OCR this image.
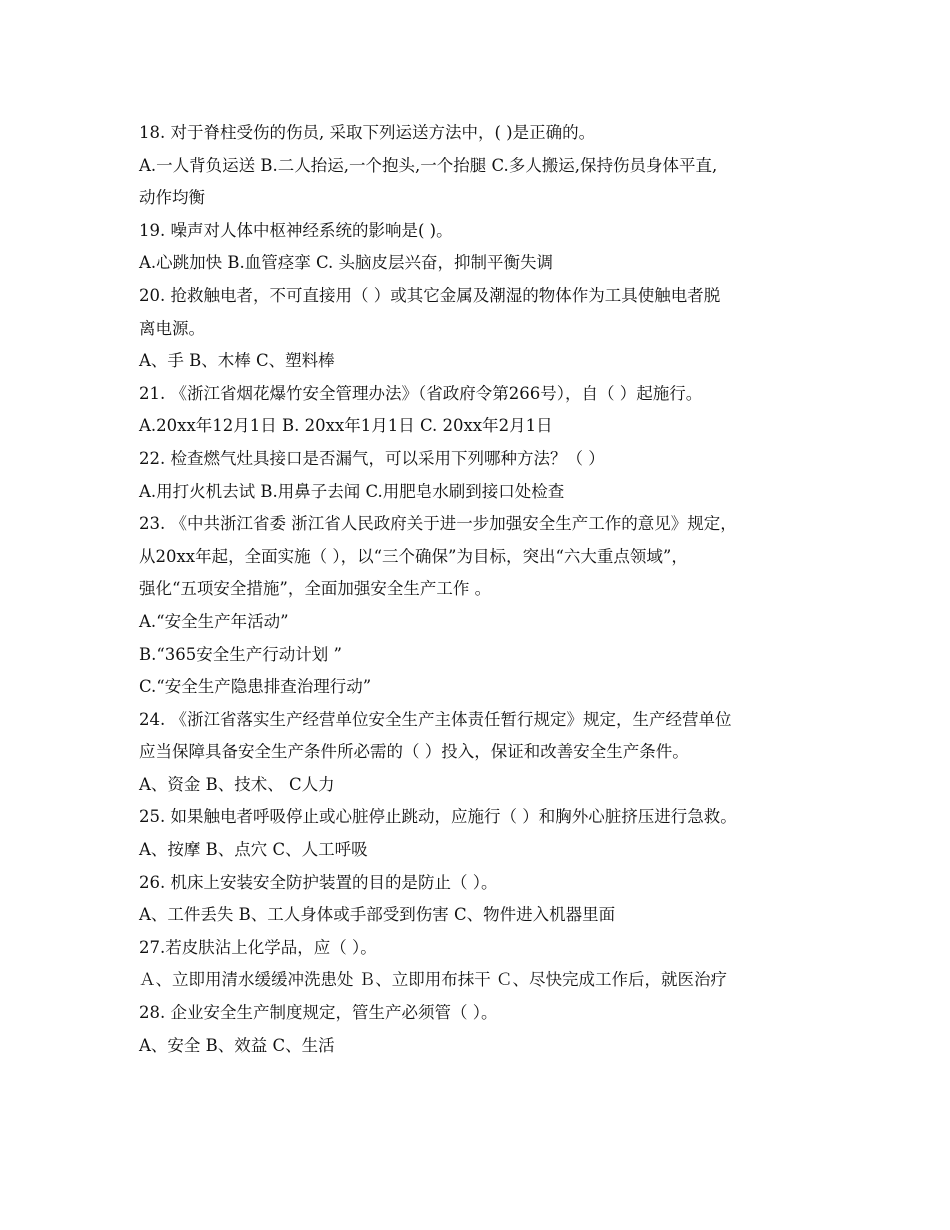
18. 对于脊柱受伤的伤员, 采取下列运送方法中，( )是正确的。
A.一人背负运送 B.二人抬运,一个抱头,一个抬腿 C.多人搬运,保持伤员身体平直,
动作均衡
19. 噪声对人体中枢神经系统的影响是( )。
A.心跳加快 B.血管痉挛 C. 头脑皮层兴奋，抑制平衡失调
20. 抢救触电者，不可直接用（ ）或其它金属及潮湿的物体作为工具使触电者脱
离电源。
A、手 B、木棒 C、塑料棒
21. 《浙江省烟花爆竹安全管理办法》（省政府令第266号），自（ ）起施行。
A.20xx年12月1日 B. 20xx年1月1日 C. 20xx年2月1日
22. 检查燃气灶具接口是否漏气，可以采用下列哪种方法？（ ）
A.用打火机去试 B.用鼻子去闻 C.用肥皂水刷到接口处检查
23. 《中共浙江省委 浙江省人民政府关于进一步加强安全生产工作的意见》规定，
从20xx年起，全面实施（ ），以“三个确保”为目标，突出“六大重点领域”，
强化“五项安全措施”，全面加强安全生产工作 。
A.“安全生产年活动”
B.“365安全生产行动计划 ”
C.“安全生产隐患排查治理行动”
24. 《浙江省落实生产经营单位安全生产主体责任暂行规定》规定，生产经营单位
应当保障具备安全生产条件所必需的（ ）投入，保证和改善安全生产条件。
A、资金 B、技术、 C人力
25. 如果触电者呼吸停止或心脏停止跳动，应施行（ ）和胸外心脏挤压进行急救。
A、按摩 B、点穴 C、人工呼吸
26. 机床上安装安全防护装置的目的是防止（ ）。
A、工件丢失 B、工人身体或手部受到伤害 C、物件进入机器里面
27.若皮肤沾上化学品，应（ ）。
Ａ、立即用清水缓缓冲洗患处 Ｂ、立即用布抹干 Ｃ、尽快完成工作后，就医治疗
28. 企业安全生产制度规定，管生产必须管（ ）。
A、安全 B、效益 C、生活
